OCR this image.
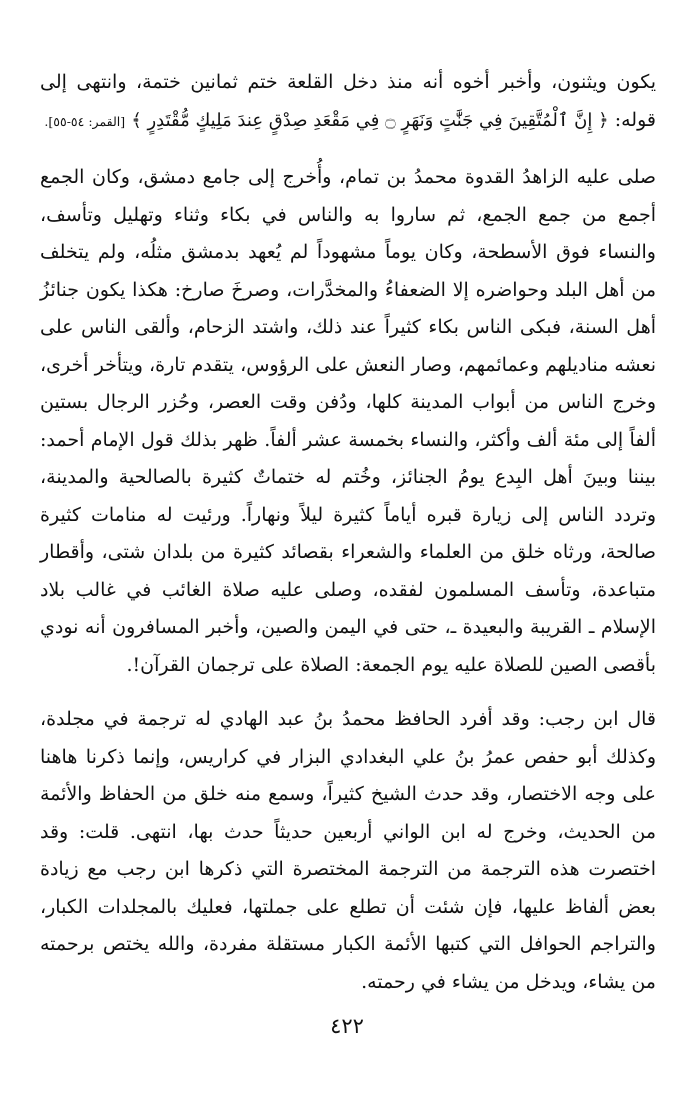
يكون ويثنون، وأخبر أخوه أنه منذ دخل القلعة ختم ثمانين ختمة، وانتهى إلى قوله: ﴿ إِنَّ ٱلْمُتَّقِينَ فِي جَنَّٰتٍ وَنَهَرٍ ۝ فِي مَقْعَدِ صِدْقٍ عِندَ مَلِيكٍ مُّقْتَدِرٍ ﴾ [القمر: ٥٤-٥٥].

صلى عليه الزاهدُ القدوة محمدُ بن تمام، وأُخرج إلى جامع دمشق، وكان الجمع أجمع من جمع الجمع، ثم ساروا به والناس في بكاء وثناء وتهليل وتأسف، والنساء فوق الأسطحة، وكان يوماً مشهوداً لم يُعهد بدمشق مثلُه، ولم يتخلف من أهل البلد وحواضره إلا الضعفاءُ والمخدَّرات، وصرخَ صارخ: هكذا يكون جنائزُ أهل السنة، فبكى الناس بكاء كثيراً عند ذلك، واشتد الزحام، وألقى الناس على نعشه مناديلهم وعمائمهم، وصار النعش على الرؤوس، يتقدم تارة، ويتأخر أخرى، وخرج الناس من أبواب المدينة كلها، ودُفن وقت العصر، وحُزر الرجال بستين ألفاً إلى مئة ألف وأكثر، والنساء بخمسة عشر ألفاً. ظهر بذلك قول الإمام أحمد: بيننا وبينَ أهل البِدع يومُ الجنائز، وخُتم له ختماتٌ كثيرة بالصالحية والمدينة، وتردد الناس إلى زيارة قبره أياماً كثيرة ليلاً ونهاراً. ورئيت له منامات كثيرة صالحة، ورثاه خلق من العلماء والشعراء بقصائد كثيرة من بلدان شتى، وأقطار متباعدة، وتأسف المسلمون لفقده، وصلى عليه صلاة الغائب في غالب بلاد الإسلام ـ القريبة والبعيدة ـ، حتى في اليمن والصين، وأخبر المسافرون أنه نودي بأقصى الصين للصلاة عليه يوم الجمعة: الصلاة على ترجمان القرآن!.

قال ابن رجب: وقد أفرد الحافظ محمدُ بنُ عبد الهادي له ترجمة في مجلدة، وكذلك أبو حفص عمرُ بنُ علي البغدادي البزار في كراريس، وإنما ذكرنا هاهنا على وجه الاختصار، وقد حدث الشيخ كثيراً، وسمع منه خلق من الحفاظ والأئمة من الحديث، وخرج له ابن الواني أربعين حديثاً حدث بها، انتهى. قلت: وقد اختصرت هذه الترجمة من الترجمة المختصرة التي ذكرها ابن رجب مع زيادة بعض ألفاظ عليها، فإن شئت أن تطلع على جملتها، فعليك بالمجلدات الكبار، والتراجم الحوافل التي كتبها الأئمة الكبار مستقلة مفردة، والله يختص برحمته من يشاء، ويدخل من يشاء في رحمته.

٤٢٢
